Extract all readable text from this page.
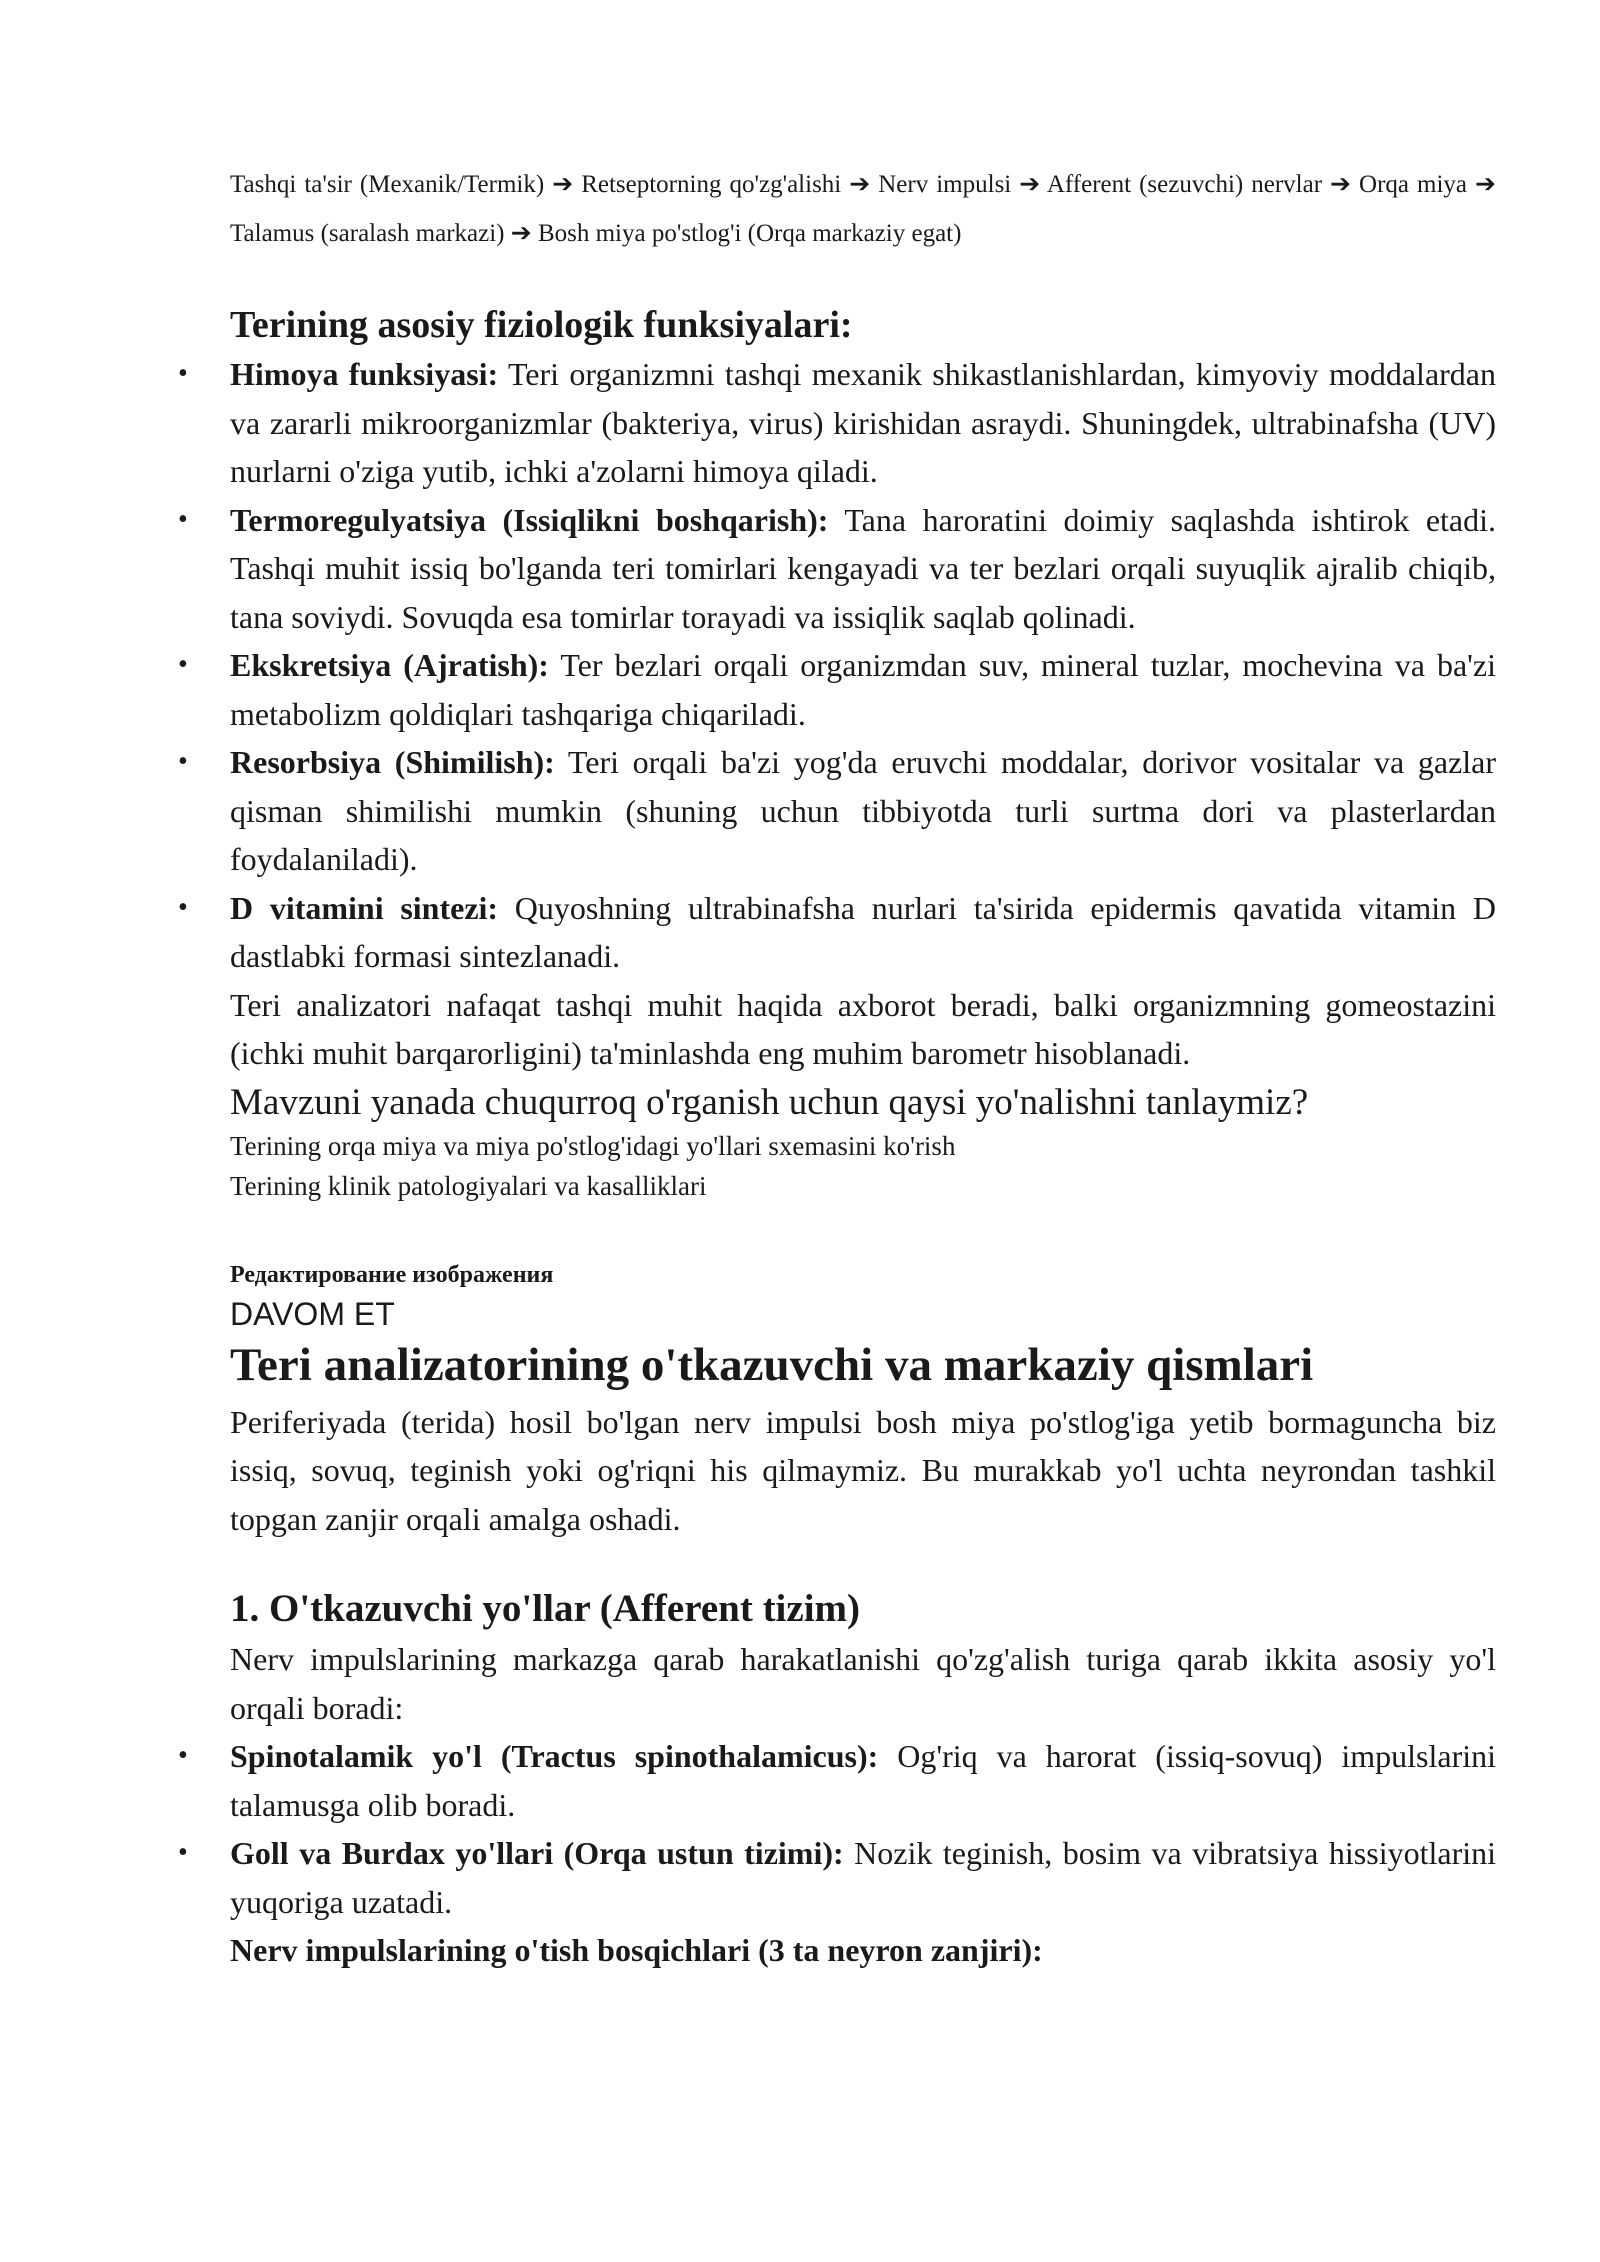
Tashqi ta'sir (Mexanik/Termik) ➔ Retseptorning qo'zg'alishi ➔ Nerv impulsi ➔ Afferent (sezuvchi) nervlar ➔ Orqa miya ➔ Talamus (saralash markazi) ➔ Bosh miya po'stlog'i (Orqa markaziy egat)

Terining asosiy fiziologik funksiyalari:

• Himoya funksiyasi: Teri organizmni tashqi mexanik shikastlanishlardan, kimyoviy moddalardan va zararli mikroorganizmlar (bakteriya, virus) kirishidan asraydi. Shuningdek, ultrabinafsha (UV) nurlarni o'ziga yutib, ichki a'zolarni himoya qiladi.
• Termoregulyatsiya (Issiqlikni boshqarish): Tana haroratini doimiy saqlashda ishtirok etadi. Tashqi muhit issiq bo'lganda teri tomirlari kengayadi va ter bezlari orqali suyuqlik ajralib chiqib, tana soviydi. Sovuqda esa tomirlar torayadi va issiqlik saqlab qolinadi.
• Ekskretsiya (Ajratish): Ter bezlari orqali organizmdan suv, mineral tuzlar, mochevina va ba'zi metabolizm qoldiqlari tashqariga chiqariladi.
• Resorbsiya (Shimilish): Teri orqali ba'zi yog'da eruvchi moddalar, dorivor vositalar va gazlar qisman shimilishi mumkin (shuning uchun tibbiyotda turli surtma dori va plasterlardan foydalaniladi).
• D vitamini sintezi: Quyoshning ultrabinafsha nurlari ta'sirida epidermis qavatida vitamin D dastlabki formasi sintezlanadi.

Teri analizatori nafaqat tashqi muhit haqida axborot beradi, balki organizmning gomeostazini (ichki muhit barqarorligini) ta'minlashda eng muhim barometr hisoblanadi.

Mavzuni yanada chuqurroq o'rganish uchun qaysi yo'nalishni tanlaymiz?

Terining orqa miya va miya po'stlog'idagi yo'llari sxemasini ko'rish

Terining klinik patologiyalari va kasalliklari

Редактирование изображения

DAVOM ET

Teri analizatorining o'tkazuvchi va markaziy qismlari

Periferiyada (terida) hosil bo'lgan nerv impulsi bosh miya po'stlog'iga yetib bormaguncha biz issiq, sovuq, teginish yoki og'riqni his qilmaymiz. Bu murakkab yo'l uchta neyrondan tashkil topgan zanjir orqali amalga oshadi.

1. O'tkazuvchi yo'llar (Afferent tizim)

Nerv impulslarining markazga qarab harakatlanishi qo'zg'alish turiga qarab ikkita asosiy yo'l orqali boradi:

• Spinotalamik yo'l (Tractus spinothalamicus): Og'riq va harorat (issiq-sovuq) impulslarini talamusga olib boradi.
• Goll va Burdax yo'llari (Orqa ustun tizimi): Nozik teginish, bosim va vibratsiya hissiyotlarini yuqoriga uzatadi.

Nerv impulslarining o'tish bosqichlari (3 ta neyron zanjiri):
